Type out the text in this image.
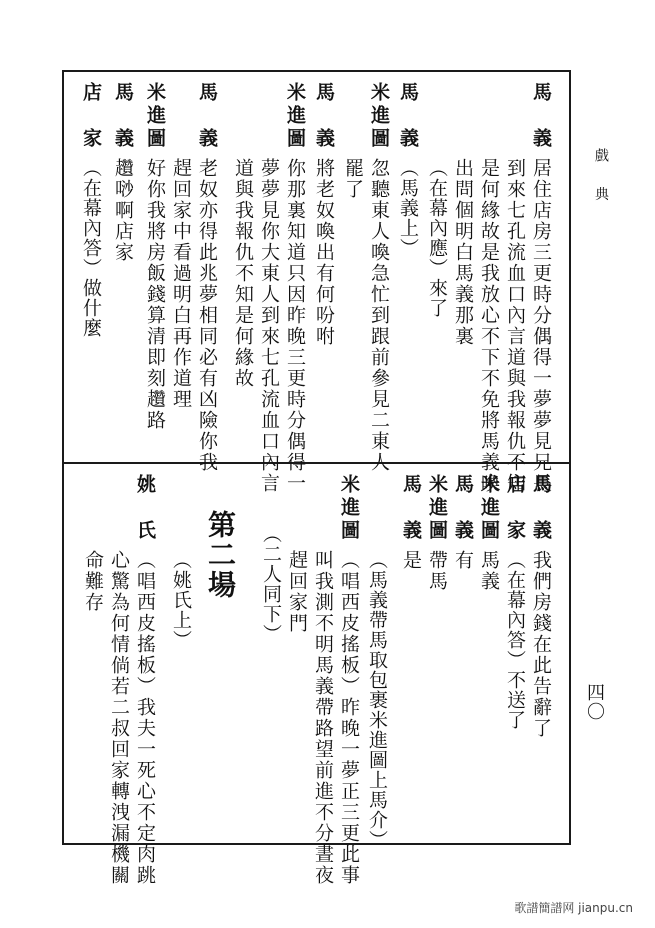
戲 典
四〇
馬　義
居住店房三更時分偶得一夢夢見兄長
到來七孔流血口內言道與我報仇不知
是何緣故是我放心不下不免將馬義喚
出問個明白馬義那裏
（在幕內應）來了
馬　義
（馬義上）
米進圖
忽聽東人喚急忙到跟前參見二東人
罷了
馬　義
將老奴喚出有何吩咐
米進圖
你那裏知道只因昨晚三更時分偶得一
夢夢見你大東人到來七孔流血口內言
道與我報仇不知是何緣故
馬　義
老奴亦得此兆夢相同必有凶險你我
趕回家中看過明白再作道理
米進圖
好你我將房飯錢算清即刻趲路
馬　義
趲唦啊店家
店　家
（在幕內答）做什麼
馬　義
我們房錢在此告辭了
店　家
（在幕內答）不送了
米進圖
馬義
馬　義
有
米進圖
帶馬
馬　義
是
（馬義帶馬取包裹米進圖上馬介）
米進圖
（唱西皮搖板）昨晚一夢正三更此事
叫我測不明馬義帶路望前進不分晝夜
趕回家門
（二人同下）
第二場
（姚氏上）
姚　氏
（唱西皮搖板）我夫一死心不定肉跳
心驚為何情倘若二叔回家轉洩漏機關
命難存
歌譜簡譜网 jianpu.cn
